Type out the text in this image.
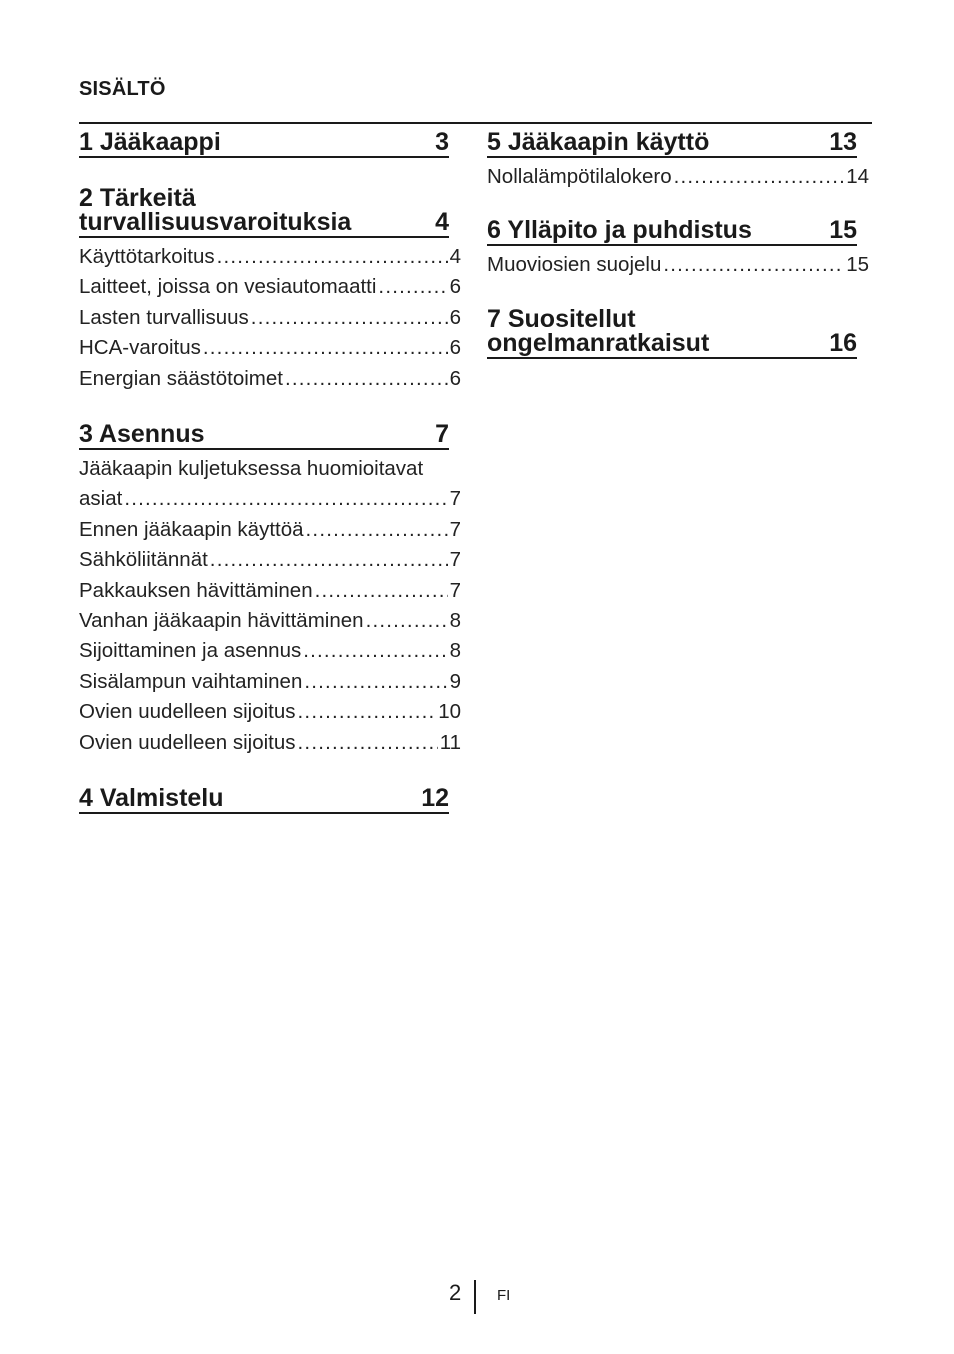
SISÄLTÖ
1 Jääkaappi	3
2 Tärkeitä
turvallisuusvaroituksia	4
Käyttötarkoitus .....	4
Laitteet, joissa on vesiautomaatti .....	6
Lasten turvallisuus .....	6
HCA-varoitus .....	6
Energian säästötoimet .....	6
3 Asennus	7
Jääkaapin kuljetuksessa huomioitavat
asiat .....	7
Ennen jääkaapin käyttöä .....	7
Sähköliitännät .....	7
Pakkauksen hävittäminen .....	7
Vanhan jääkaapin hävittäminen .....	8
Sijoittaminen ja asennus .....	8
Sisälampun vaihtaminen .....	9
Ovien uudelleen sijoitus .....	10
Ovien uudelleen sijoitus .....	11
4 Valmistelu	12
5 Jääkaapin käyttö	13
Nollalämpötilalokero .....	14
6 Ylläpito ja puhdistus	15
Muoviosien suojelu .....	15
7 Suositellut
ongelmanratkaisut	16
2 FI
